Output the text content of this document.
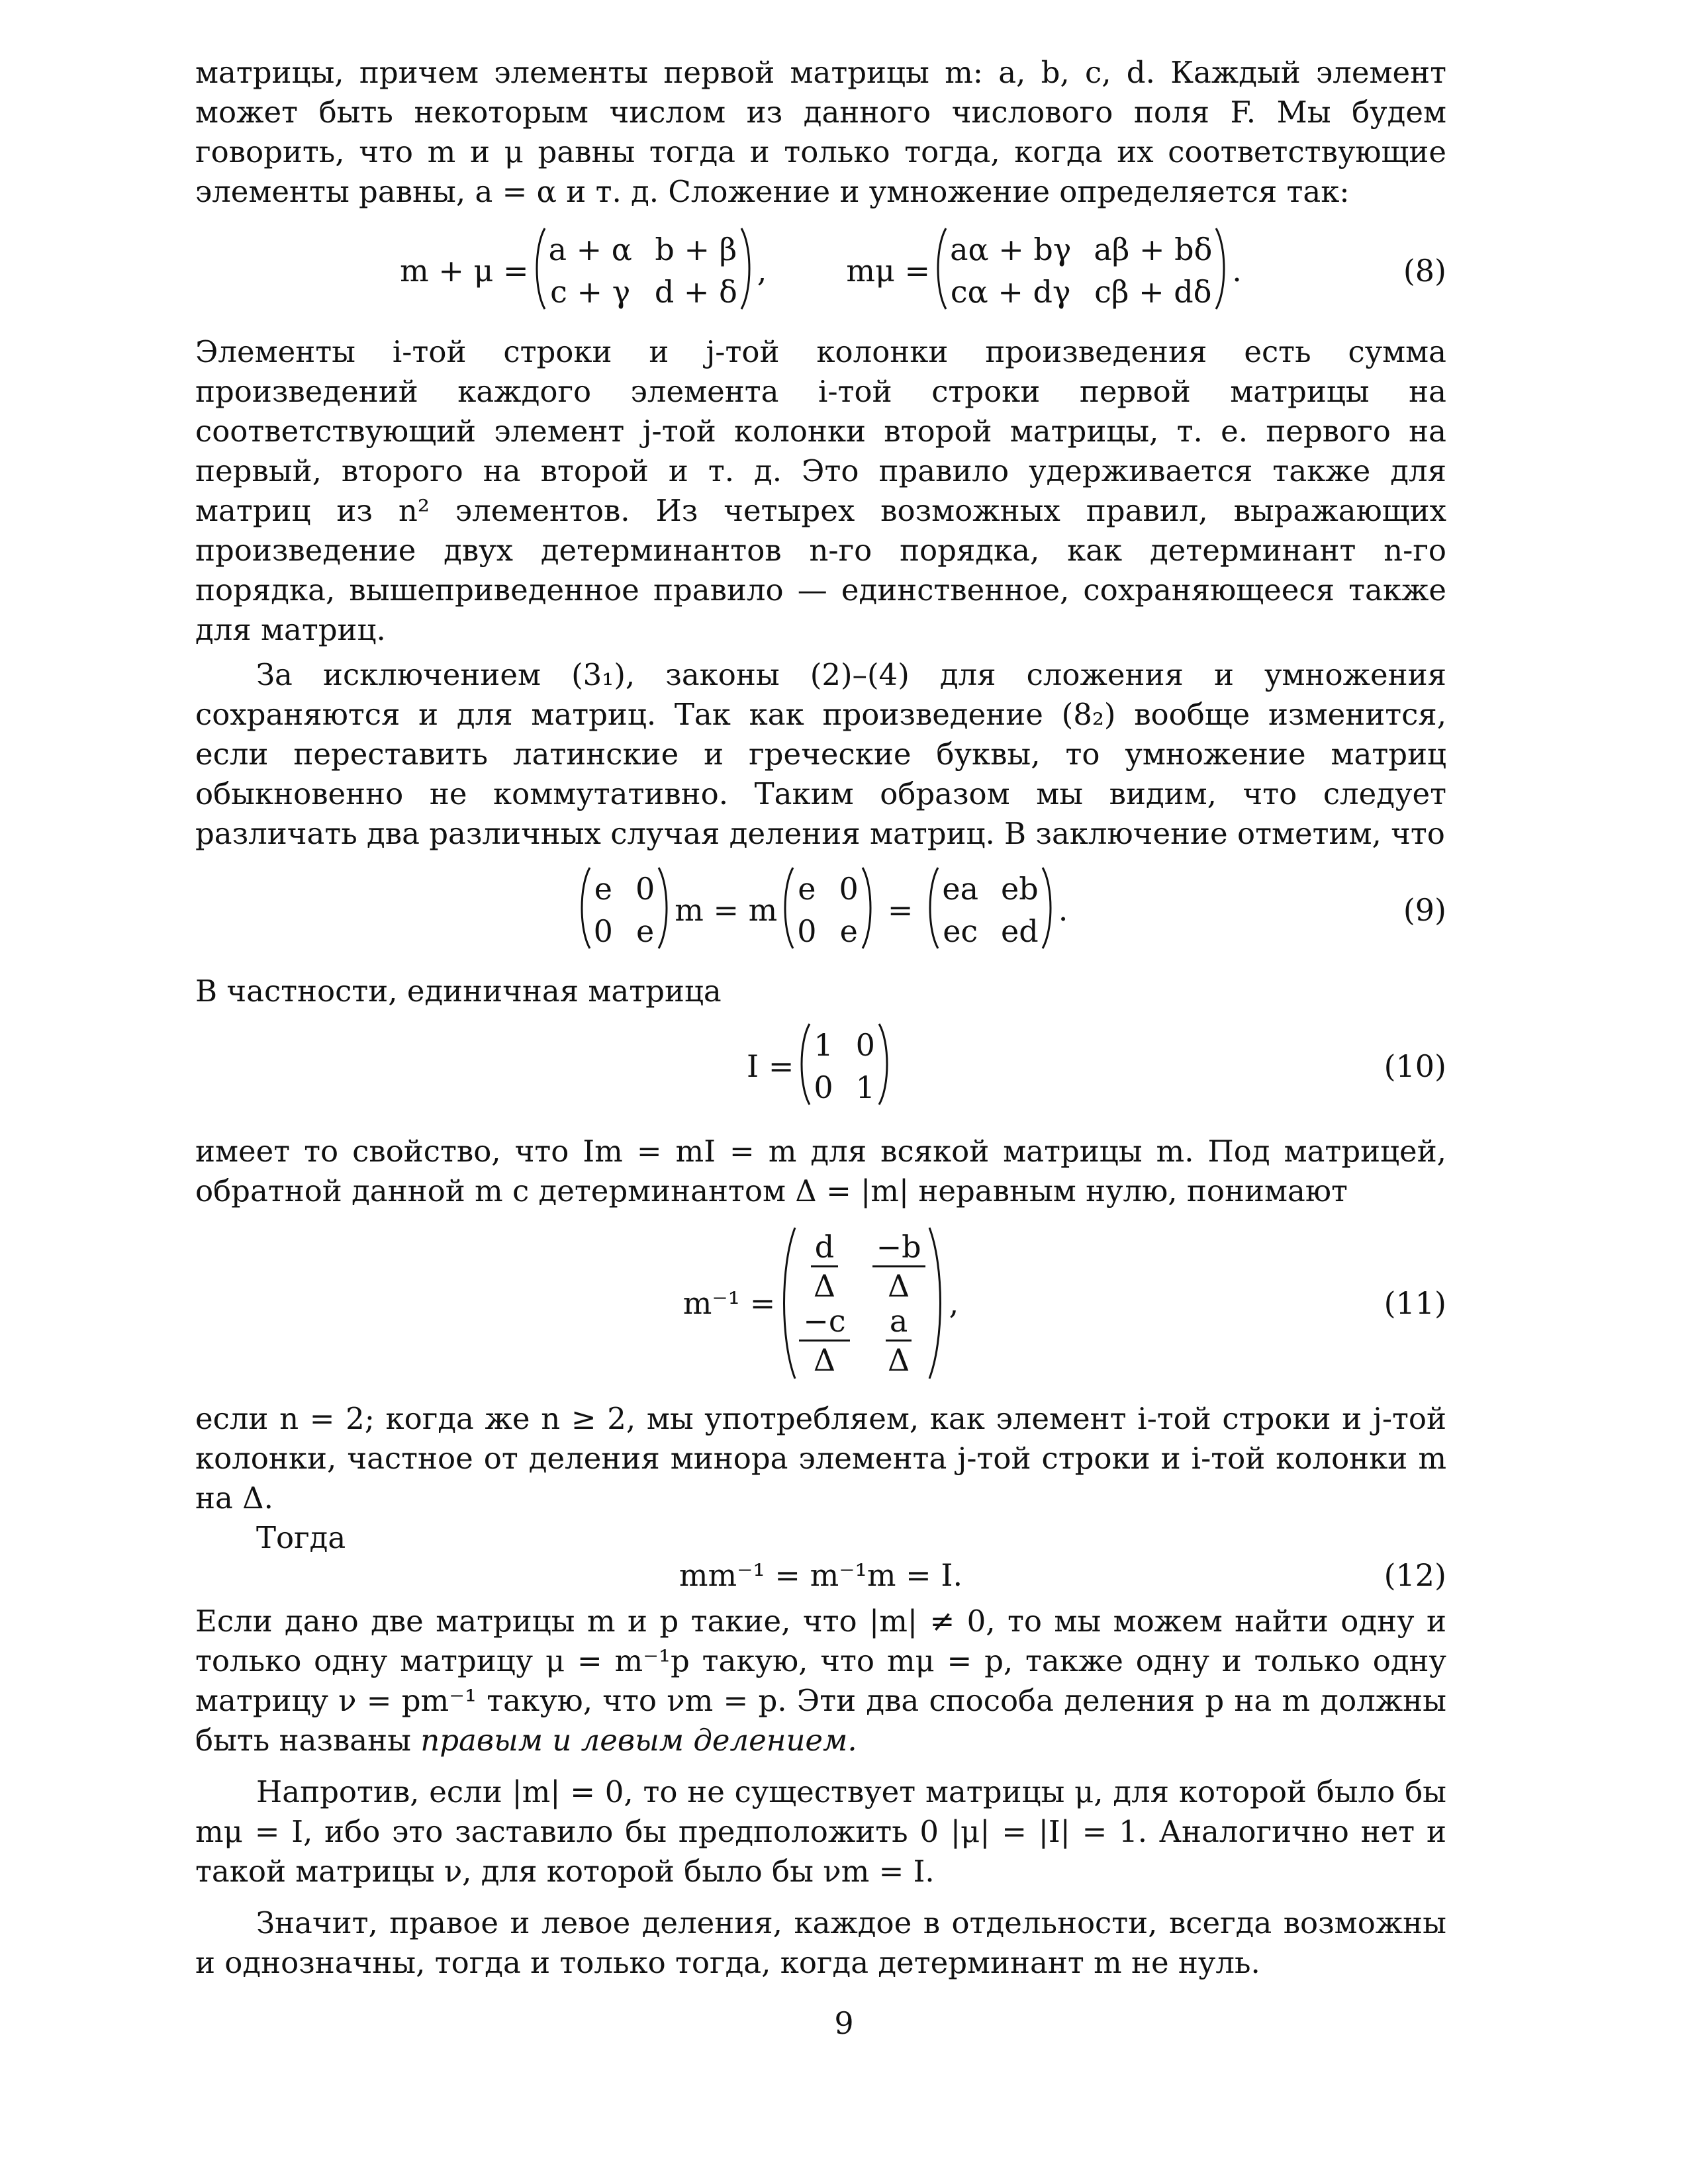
матрицы, причем элементы первой матрицы m: a, b, c, d. Каждый элемент может быть некоторым числом из данного числового поля F. Мы будем говорить, что m и μ равны тогда и только тогда, когда их соответствующие элементы равны, a = α и т. д. Сложение и умножение определяется так:

m + μ =
a + α b + β
c + γ d + δ
,	mμ =
aα + bγ aβ + bδ
cα + dγ cβ + dδ
.	(8)

Элементы i-той строки и j-той колонки произведения есть сумма произведений каждого элемента i-той строки первой матрицы на соответствующий элемент j-той колонки второй матрицы, т. е. первого на первый, второго на второй и т. д. Это правило удерживается также для матриц из n² элементов. Из четырех возможных правил, выражающих произведение двух детерминантов n-го порядка, как детерминант n-го порядка, вышеприведенное правило — единственное, сохраняющееся также для матриц.

За исключением (3₁), законы (2)–(4) для сложения и умножения сохраняются и для матриц. Так как произведение (8₂) вообще изменится, если переставить латинские и греческие буквы, то умножение матриц обыкновенно не коммутативно. Таким образом мы видим, что следует различать два различных случая деления матриц. В заключение отметим, что

e 0
0 e
m = m
e 0
0 e
=
ea eb
ec ed
.	(9)

В частности, единичная матрица

I =
1 0
0 1
(10)

имеет то свойство, что Im = mI = m для всякой матрицы m. Под матрицей, обратной данной m с детерминантом Δ = |m| неравным нулю, понимают

m⁻¹ =
$\frac{d}{\Delta} \frac{-b}{\Delta}$
$\frac{-c}{\Delta} \frac{a}{\Delta}$
,	(11)

если n = 2; когда же n ≥ 2, мы употребляем, как элемент i-той строки и j-той колонки, частное от деления минора элемента j-той строки и i-той колонки m на Δ.

Тогда

mm⁻¹ = m⁻¹m = I.	(12)

Если дано две матрицы m и p такие, что |m| ≠ 0, то мы можем найти одну и только одну матрицу μ = m⁻¹p такую, что mμ = p, также одну и только одну матрицу ν = pm⁻¹ такую, что νm = p. Эти два способа деления p на m должны быть названы правым и левым делением.

Напротив, если |m| = 0, то не существует матрицы μ, для которой было бы mμ = I, ибо это заставило бы предположить 0 |μ| = |I| = 1. Аналогично нет и такой матрицы ν, для которой было бы νm = I.

Значит, правое и левое деления, каждое в отдельности, всегда возможны и однозначны, тогда и только тогда, когда детерминант m не нуль.

9
